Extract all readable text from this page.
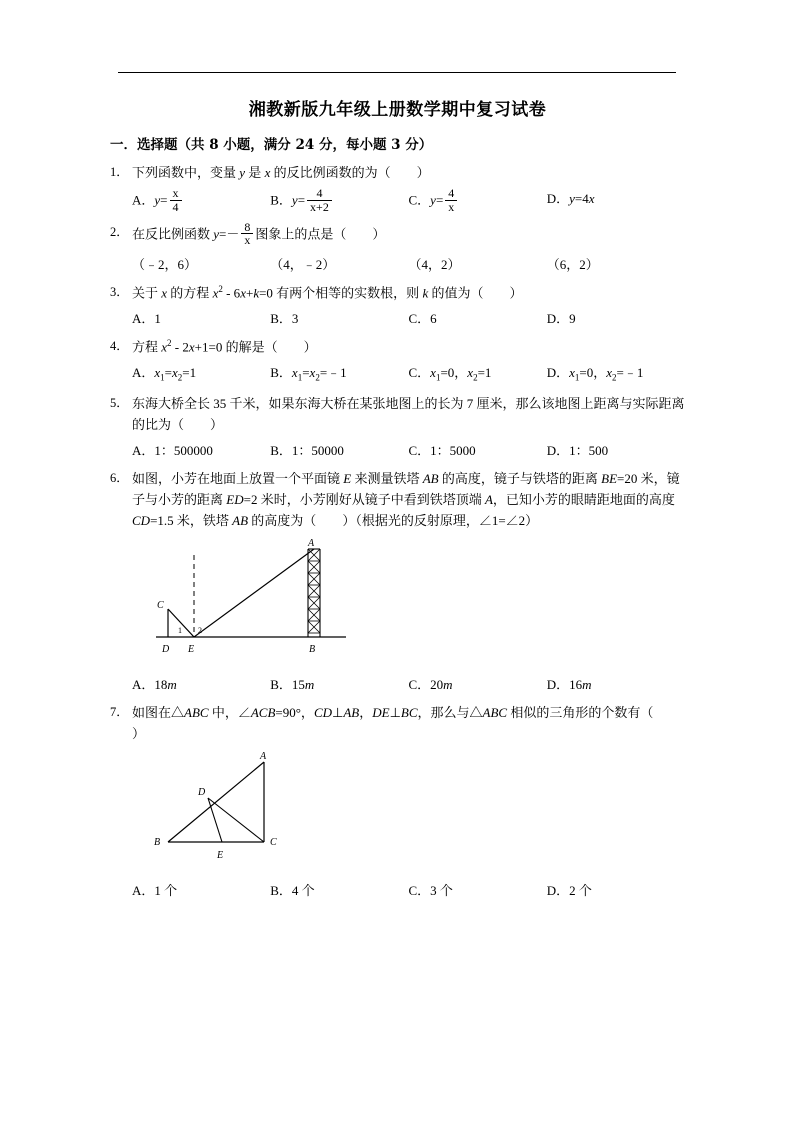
湘教新版九年级上册数学期中复习试卷
一．选择题（共 8 小题，满分 24 分，每小题 3 分）
1． 下列函数中，变量 y 是 x 的反比例函数的为（ ）
A．$y= \frac{x}{4}$	B．$y= \frac{4}{x+2}$	C．$y= \frac{4}{x}$	D．y=4x
2． 在反比例函数 $y=- \frac{8}{x}$ 图象上的点是（ ）
（﹣2，6）	（4，﹣2）	（4，2）	（6，2）
3． 关于 x 的方程 $x^2 - 6x+k=0$ 有两个相等的实数根，则 k 的值为（ ）
A．1	B．3	C．6	D．9
4． 方程 $x^2 - 2x+1=0$ 的解是（ ）
A．$x_1=x_2=1$	B．$x_1=x_2=﹣1$	C．$x_1=0$，$x_2=1$	D．$x_1=0$，$x_2=﹣1$
5． 东海大桥全长 35 千米，如果东海大桥在某张地图上的长为 7 厘米，那么该地图上距离与实际距离的比为（ ）
A．1：500000	B．1：50000	C．1：5000	D．1：500
6． 如图，小芳在地面上放置一个平面镜 E 来测量铁塔 AB 的高度，镜子与铁塔的距离 BE=20 米，镜子与小芳的距离 ED=2 米时，小芳刚好从镜子中看到铁塔顶端 A，已知小芳的眼睛距地面的高度 CD=1.5 米，铁塔 AB 的高度为（ ）（根据光的反射原理，∠1=∠2）
A
C
1 2
D E	B
A．18m	B．15m	C．20m	D．16m
7． 如图在△ABC 中，∠ACB=90°，CD⊥AB，DE⊥BC，那么与△ABC 相似的三角形的个数有（）
A
D
B
E
C
A．1 个	B．4 个	C．3 个	D．2 个
